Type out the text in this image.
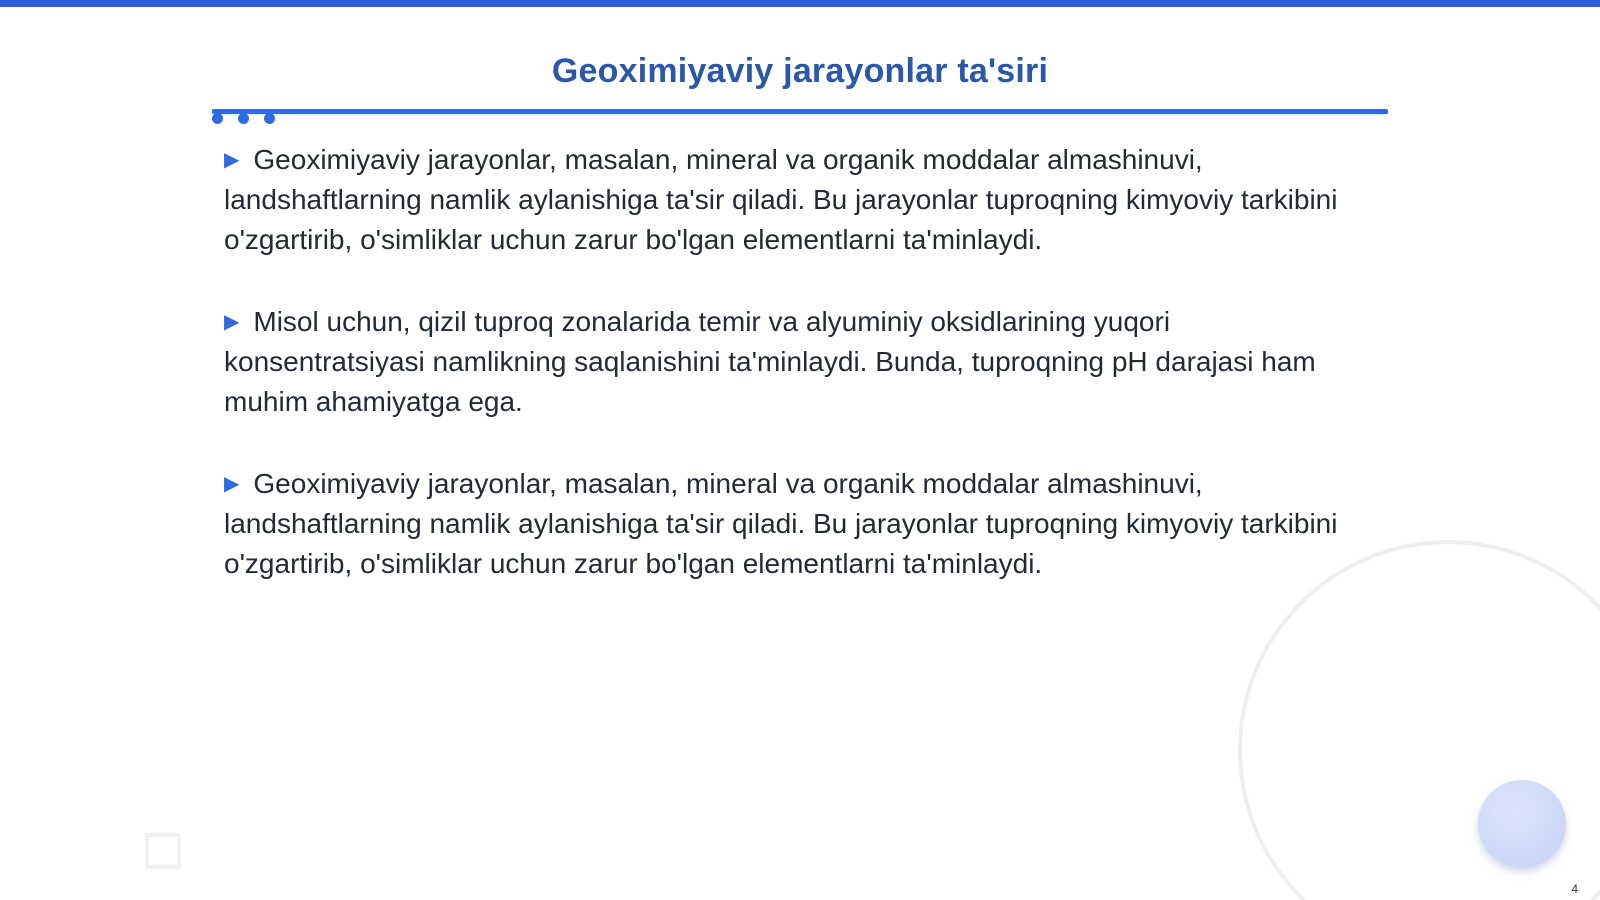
Geoximiyaviy jarayonlar ta'siri

▶ Geoximiyaviy jarayonlar, masalan, mineral va organik moddalar almashinuvi, landshaftlarning namlik aylanishiga ta'sir qiladi. Bu jarayonlar tuproqning kimyoviy tarkibini o'zgartirib, o'simliklar uchun zarur bo'lgan elementlarni ta'minlaydi.

▶ Misol uchun, qizil tuproq zonalarida temir va alyuminiy oksidlarining yuqori konsentratsiyasi namlikning saqlanishini ta'minlaydi. Bunda, tuproqning pH darajasi ham muhim ahamiyatga ega.

▶ Geoximiyaviy jarayonlar, masalan, mineral va organik moddalar almashinuvi, landshaftlarning namlik aylanishiga ta'sir qiladi. Bu jarayonlar tuproqning kimyoviy tarkibini o'zgartirib, o'simliklar uchun zarur bo'lgan elementlarni ta'minlaydi.

4
